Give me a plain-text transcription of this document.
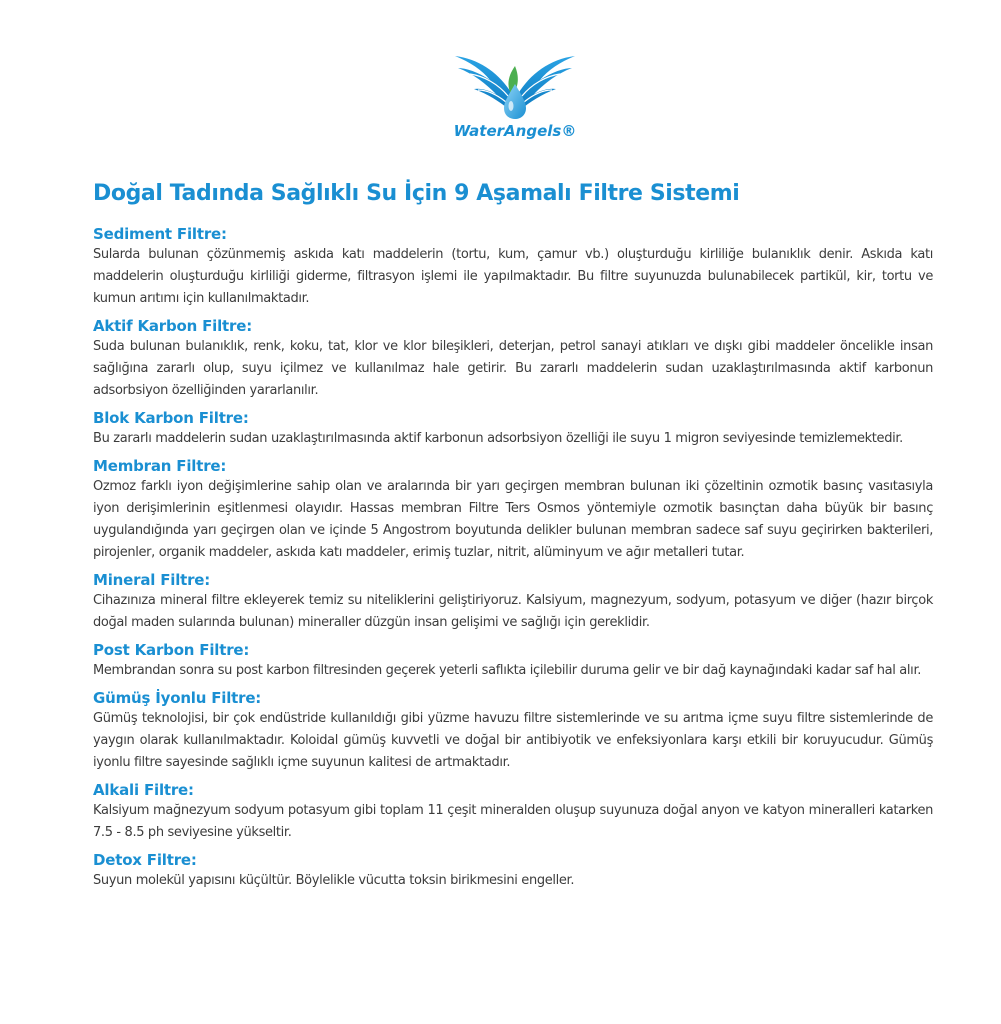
WaterAngels®
Doğal Tadında Sağlıklı Su İçin 9 Aşamalı Filtre Sistemi
Sediment Filtre:

Sularda bulunan çözünmemiş askıda katı maddelerin (tortu, kum, çamur vb.) oluşturduğu kirliliğe bulanıklık denir. Askıda katı maddelerin oluşturduğu kirliliği giderme, filtrasyon işlemi ile yapılmaktadır. Bu filtre suyunuzda bulunabilecek partikül, kir, tortu ve kumun arıtımı için kullanılmaktadır.

Aktif Karbon Filtre:

Suda bulunan bulanıklık, renk, koku, tat, klor ve klor bileşikleri, deterjan, petrol sanayi atıkları ve dışkı gibi maddeler öncelikle insan sağlığına zararlı olup, suyu içilmez ve kullanılmaz hale getirir. Bu zararlı maddelerin sudan uzaklaştırılmasında aktif karbonun adsorbsiyon özelliğinden yararlanılır.

Blok Karbon Filtre:

Bu zararlı maddelerin sudan uzaklaştırılmasında aktif karbonun adsorbsiyon özelliği ile suyu 1 migron seviyesinde temizlemektedir.

Membran Filtre:

Ozmoz farklı iyon değişimlerine sahip olan ve aralarında bir yarı geçirgen membran bulunan iki çözeltinin ozmotik basınç vasıtasıyla iyon derişimlerinin eşitlenmesi olayıdır. Hassas membran Filtre Ters Osmos yöntemiyle ozmotik basınçtan daha büyük bir basınç uygulandığında yarı geçirgen olan ve içinde 5 Angostrom boyutunda delikler bulunan membran sadece saf suyu geçirirken bakterileri, pirojenler, organik maddeler, askıda katı maddeler, erimiş tuzlar, nitrit, alüminyum ve ağır metalleri tutar.

Mineral Filtre:

Cihazınıza mineral filtre ekleyerek temiz su niteliklerini geliştiriyoruz. Kalsiyum, magnezyum, sodyum, potasyum ve diğer (hazır birçok doğal maden sularında bulunan) mineraller düzgün insan gelişimi ve sağlığı için gereklidir.

Post Karbon Filtre:

Membrandan sonra su post karbon filtresinden geçerek yeterli saflıkta içilebilir duruma gelir ve bir dağ kaynağındaki kadar saf hal alır.

Gümüş İyonlu Filtre:

Gümüş teknolojisi, bir çok endüstride kullanıldığı gibi yüzme havuzu filtre sistemlerinde ve su arıtma içme suyu filtre sistemlerinde de yaygın olarak kullanılmaktadır. Koloidal gümüş kuvvetli ve doğal bir antibiyotik ve enfeksiyonlara karşı etkili bir koruyucudur. Gümüş iyonlu filtre sayesinde sağlıklı içme suyunun kalitesi de artmaktadır.

Alkali Filtre:

Kalsiyum mağnezyum sodyum potasyum gibi toplam 11 çeşit mineralden oluşup suyunuza doğal anyon ve katyon mineralleri katarken 7.5 - 8.5 ph seviyesine yükseltir.

Detox Filtre:

Suyun molekül yapısını küçültür. Böylelikle vücutta toksin birikmesini engeller.
